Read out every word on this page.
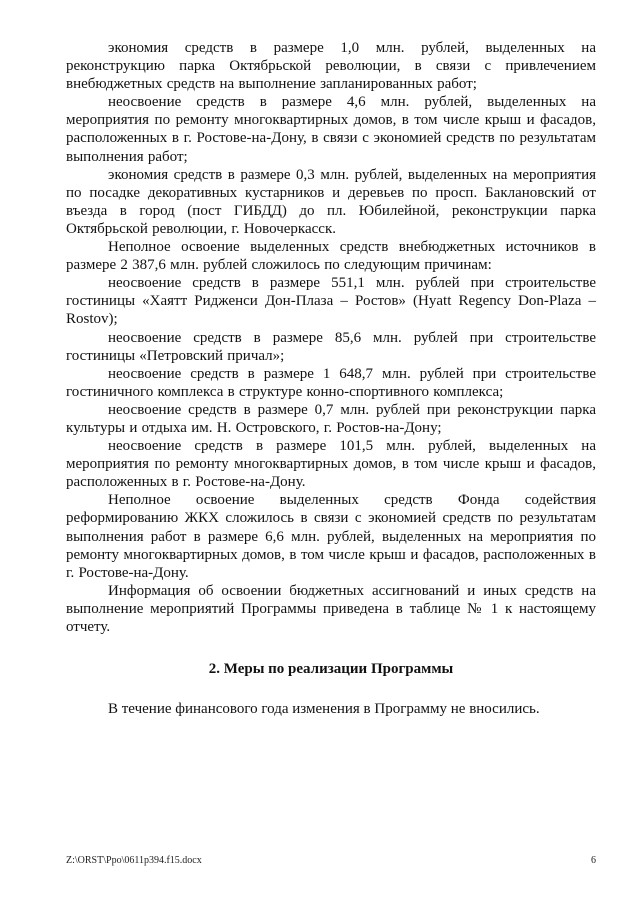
экономия средств в размере 1,0 млн. рублей, выделенных на реконструкцию парка Октябрьской революции, в связи с привлечением внебюджетных средств на выполнение запланированных работ;

неосвоение средств в размере 4,6 млн. рублей, выделенных на мероприятия по ремонту многоквартирных домов, в том числе крыш и фасадов, расположенных в г. Ростове-на-Дону, в связи с экономией средств по результатам выполнения работ;

экономия средств в размере 0,3 млн. рублей, выделенных на мероприятия по посадке декоративных кустарников и деревьев по просп. Баклановский от въезда в город (пост ГИБДД) до пл. Юбилейной, реконструкции парка Октябрьской революции, г. Новочеркасск.

Неполное освоение выделенных средств внебюджетных источников в размере 2 387,6 млн. рублей сложилось по следующим причинам:

неосвоение средств в размере 551,1 млн. рублей при строительстве гостиницы «Хаятт Ридженси Дон-Плаза – Ростов» (Hyatt Regency Don-Plaza – Rostov);

неосвоение средств в размере 85,6 млн. рублей при строительстве гостиницы «Петровский причал»;

неосвоение средств в размере 1 648,7 млн. рублей при строительстве гостиничного комплекса в структуре конно-спортивного комплекса;

неосвоение средств в размере 0,7 млн. рублей при реконструкции парка культуры и отдыха им. Н. Островского, г. Ростов-на-Дону;

неосвоение средств в размере 101,5 млн. рублей, выделенных на мероприятия по ремонту многоквартирных домов, в том числе крыш и фасадов, расположенных в г. Ростове-на-Дону.

Неполное освоение выделенных средств Фонда содействия реформированию ЖКХ сложилось в связи с экономией средств по результатам выполнения работ в размере 6,6 млн. рублей, выделенных на мероприятия по ремонту многоквартирных домов, в том числе крыш и фасадов, расположенных в г. Ростове-на-Дону.

Информация об освоении бюджетных ассигнований и иных средств на выполнение мероприятий Программы приведена в таблице № 1 к настоящему отчету.

2. Меры по реализации Программы

В течение финансового года изменения в Программу не вносились.

Z:\ORST\Ppo\0611p394.f15.docx	6
